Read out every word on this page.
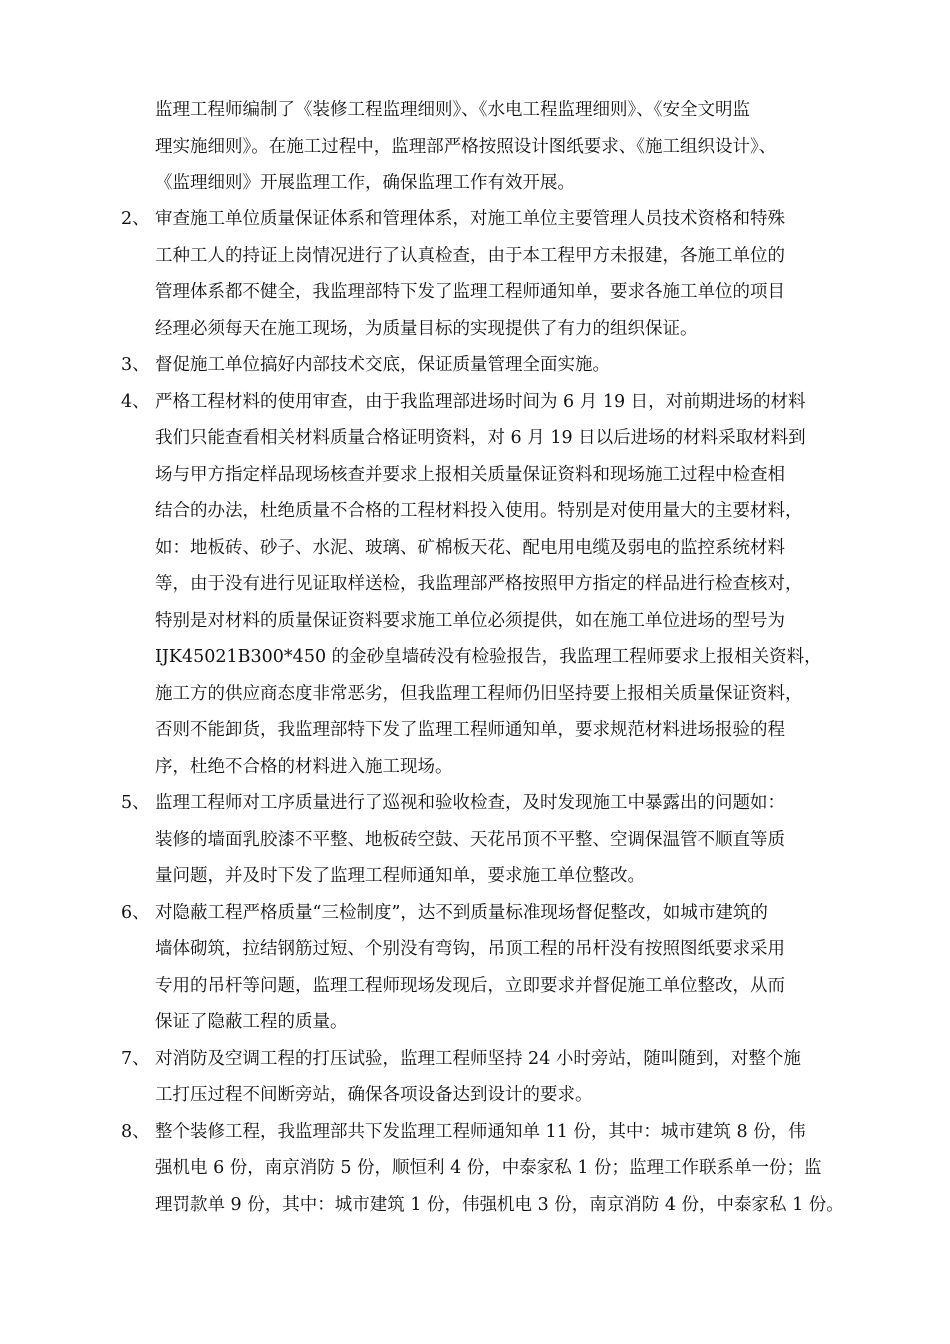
监理工程师编制了《装修工程监理细则》、《水电工程监理细则》、《安全文明监
理实施细则》。在施工过程中，监理部严格按照设计图纸要求、《施工组织设计》、
《监理细则》开展监理工作，确保监理工作有效开展。
2、 审查施工单位质量保证体系和管理体系，对施工单位主要管理人员技术资格和特殊
工种工人的持证上岗情况进行了认真检查，由于本工程甲方未报建，各施工单位的
管理体系都不健全，我监理部特下发了监理工程师通知单，要求各施工单位的项目
经理必须每天在施工现场，为质量目标的实现提供了有力的组织保证。
3、 督促施工单位搞好内部技术交底，保证质量管理全面实施。
4、 严格工程材料的使用审查，由于我监理部进场时间为 6 月 19 日，对前期进场的材料
我们只能查看相关材料质量合格证明资料，对 6 月 19 日以后进场的材料采取材料到
场与甲方指定样品现场核查并要求上报相关质量保证资料和现场施工过程中检查相
结合的办法，杜绝质量不合格的工程材料投入使用。特别是对使用量大的主要材料，
如：地板砖、砂子、水泥、玻璃、矿棉板天花、配电用电缆及弱电的监控系统材料
等，由于没有进行见证取样送检，我监理部严格按照甲方指定的样品进行检查核对，
特别是对材料的质量保证资料要求施工单位必须提供，如在施工单位进场的型号为
IJK45021B300*450 的金砂皇墙砖没有检验报告，我监理工程师要求上报相关资料，
施工方的供应商态度非常恶劣，但我监理工程师仍旧坚持要上报相关质量保证资料，
否则不能卸货，我监理部特下发了监理工程师通知单，要求规范材料进场报验的程
序，杜绝不合格的材料进入施工现场。
5、 监理工程师对工序质量进行了巡视和验收检查，及时发现施工中暴露出的问题如：
装修的墙面乳胶漆不平整、地板砖空鼓、天花吊顶不平整、空调保温管不顺直等质
量问题，并及时下发了监理工程师通知单，要求施工单位整改。
6、 对隐蔽工程严格质量“三检制度”，达不到质量标准现场督促整改，如城市建筑的
墙体砌筑，拉结钢筋过短、个别没有弯钩，吊顶工程的吊杆没有按照图纸要求采用
专用的吊杆等问题，监理工程师现场发现后，立即要求并督促施工单位整改，从而
保证了隐蔽工程的质量。
7、 对消防及空调工程的打压试验，监理工程师坚持 24 小时旁站，随叫随到，对整个施
工打压过程不间断旁站，确保各项设备达到设计的要求。
8、 整个装修工程，我监理部共下发监理工程师通知单 11 份，其中：城市建筑 8 份，伟
强机电 6 份，南京消防 5 份，顺恒利 4 份，中泰家私 1 份；监理工作联系单一份；监
理罚款单 9 份，其中：城市建筑 1 份，伟强机电 3 份，南京消防 4 份，中泰家私 1 份。
